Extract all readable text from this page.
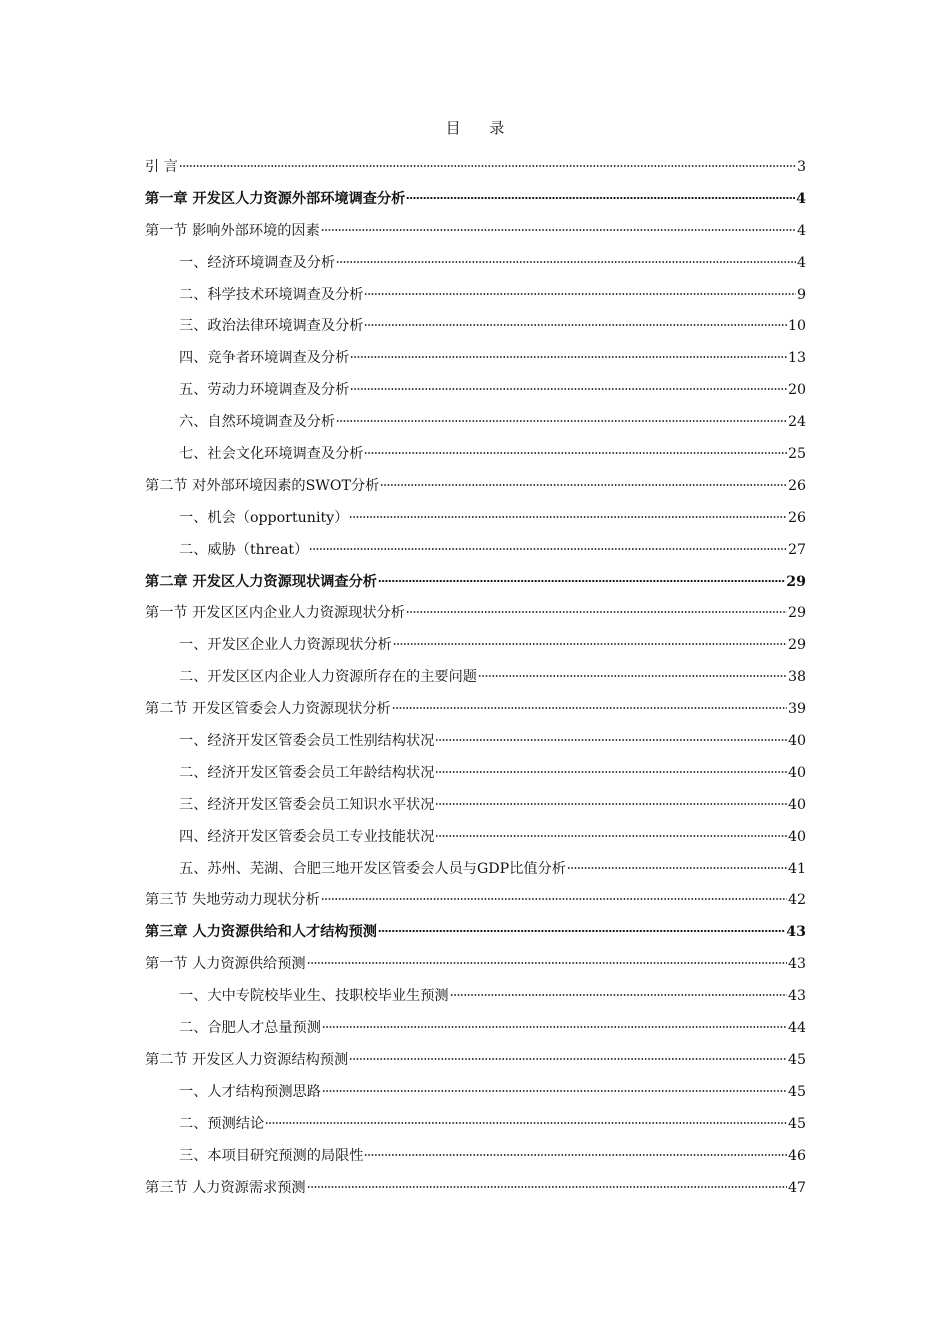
目 录
引 言	3
第一章 开发区人力资源外部环境调查分析	4
第一节 影响外部环境的因素	4
一、经济环境调查及分析	4
二、科学技术环境调查及分析	9
三、政治法律环境调查及分析	10
四、竞争者环境调查及分析	13
五、劳动力环境调查及分析	20
六、自然环境调查及分析	24
七、社会文化环境调查及分析	25
第二节 对外部环境因素的SWOT分析	26
一、机会（opportunity）	26
二、威胁（threat）	27
第二章 开发区人力资源现状调查分析	29
第一节 开发区区内企业人力资源现状分析	29
一、开发区企业人力资源现状分析	29
二、开发区区内企业人力资源所存在的主要问题	38
第二节 开发区管委会人力资源现状分析	39
一、经济开发区管委会员工性别结构状况	40
二、经济开发区管委会员工年龄结构状况	40
三、经济开发区管委会员工知识水平状况	40
四、经济开发区管委会员工专业技能状况	40
五、苏州、芜湖、合肥三地开发区管委会人员与GDP比值分析	41
第三节 失地劳动力现状分析	42
第三章 人力资源供给和人才结构预测	43
第一节 人力资源供给预测	43
一、大中专院校毕业生、技职校毕业生预测	43
二、合肥人才总量预测	44
第二节 开发区人力资源结构预测	45
一、人才结构预测思路	45
二、预测结论	45
三、本项目研究预测的局限性	46
第三节 人力资源需求预测	47
